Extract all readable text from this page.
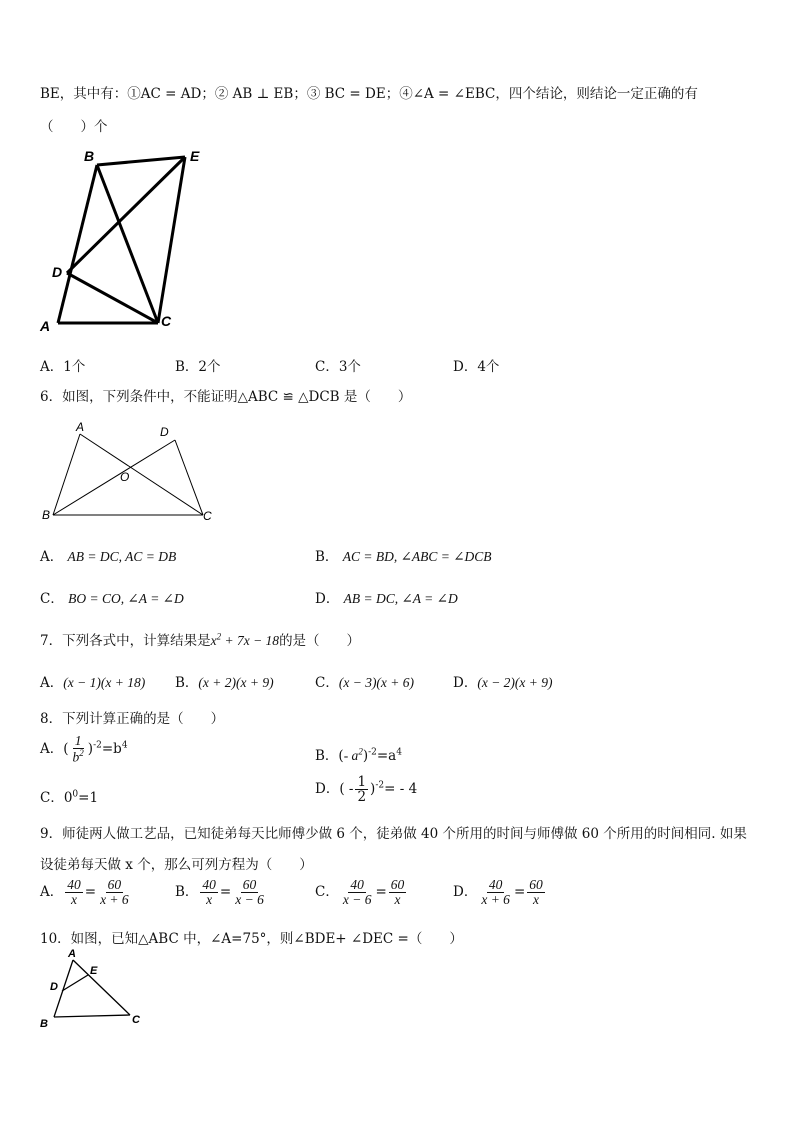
BE，其中有：①AC = AD；② AB ⊥ EB；③ BC = DE；④∠A = ∠EBC，四个结论，则结论一定正确的有
（　　）个
B	E
D
A	C
A．1个	B．2个	C．3个	D．4个
6．如图，下列条件中，不能证明△ABC ≌ △DCB 是（　　）
A	D
O
B	C
A． AB = DC, AC = DB	B． AC = BD, ∠ABC = ∠DCB
C． BO = CO, ∠A = ∠D	D． AB = DC, ∠A = ∠D
7．下列各式中，计算结果是$x^2 + 7x - 18$的是（　　）
A．(x − 1)(x + 18) B．(x + 2)(x + 9)	C．(x − 3)(x + 6)	D．(x − 2)(x + 9)
8．下列计算正确的是（　　）
A．( $\frac{1}{b^2} )^{-2}=b^4$
B．(- $a^2)^{-2}=a^4$
C．$0^0=1$
D．( - $\frac{1}{2} )^{-2}= - 4$
9．师徒两人做工艺品，已知徒弟每天比师傅少做 6 个，徒弟做 40 个所用的时间与师傅做 60 个所用的时间相同. 如果
设徒弟每天做 x 个，那么可列方程为（　　）
A． $\frac{40}{x} = \frac{60}{x + 6}$	B． $\frac{40}{x} = \frac{60}{x - 6}$	C． $\frac{40}{x - 6} = \frac{60}{x}$	D． $\frac{40}{x + 6} = \frac{60}{x}$
10．如图，已知△ABC 中，∠A=75°，则∠BDE+ ∠DEC =（　　）
A
E
D
B	C
